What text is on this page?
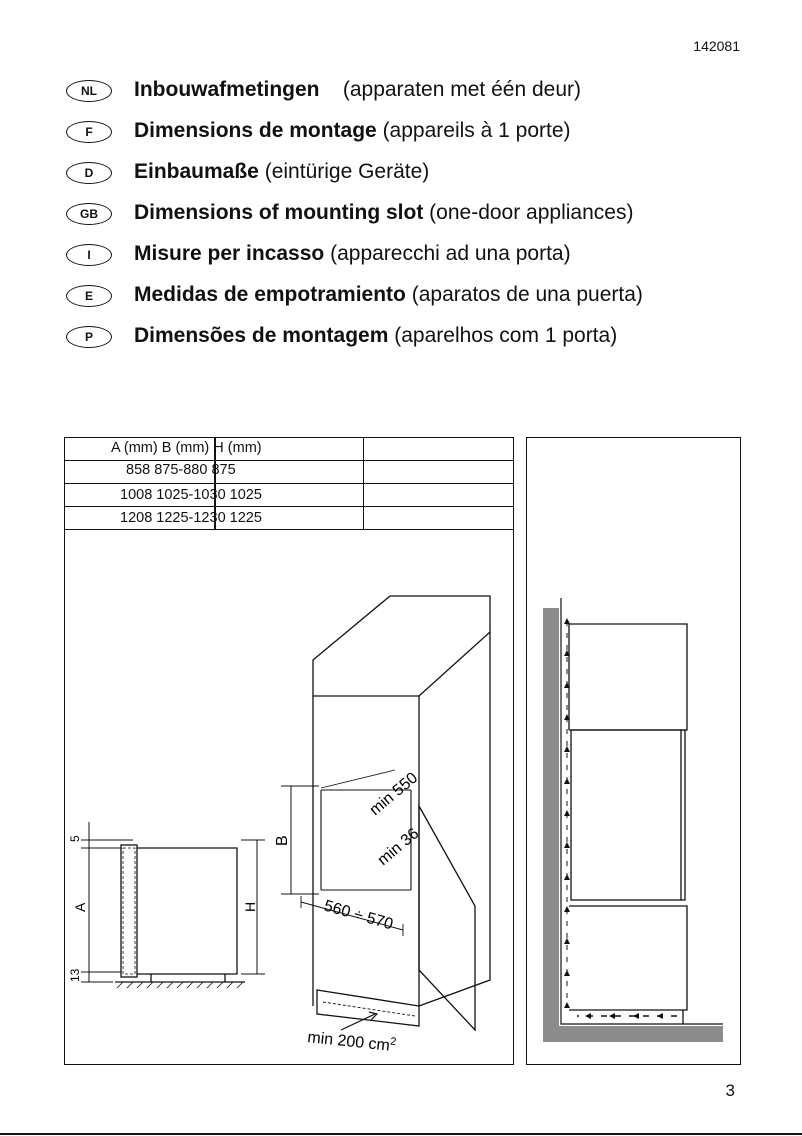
142081
NL	Inbouwafmetingen (apparaten met één deur)
F	Dimensions de montage (appareils à 1 porte)
D	Einbaumaße (eintürige Geräte)
GB	Dimensions of mounting slot (one-door appliances)
I	Misure per incasso (apparecchi ad una porta)
E	Medidas de empotramiento (aparatos de una puerta)
P	Dimensões de montagem (aparelhos com 1 porta)

A (mm) B (mm) H (mm)
858 875-880 875
1008 1025-1030 1025
1208 1225-1230 1225
min 550
min 36
B
560 ÷ 570
min 200 $cm^2$
5
A
13
H
3
